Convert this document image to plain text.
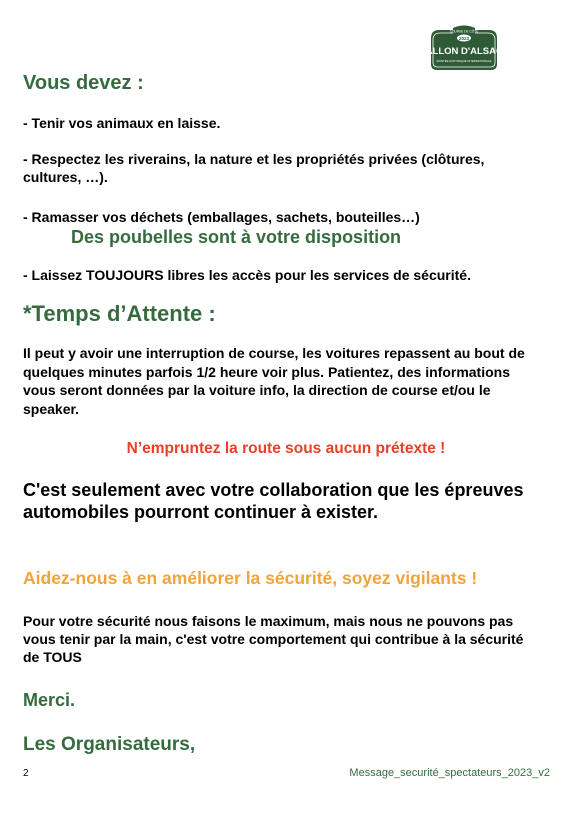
COURSE DE CÔTE
2023
BALLON D'ALSACE
MONTÉE HISTORIQUE INTERNATIONALE

Vous devez :

- Tenir vos animaux en laisse.

- Respectez les riverains, la nature et les propriétés privées (clôtures, cultures, …).

- Ramasser vos déchets (emballages, sachets, bouteilles…)

Des poubelles sont à votre disposition

- Laissez TOUJOURS libres les accès pour les services de sécurité.

*Temps d’Attente :

Il peut y avoir une interruption de course, les voitures repassent au bout de quelques minutes parfois 1/2 heure voir plus. Patientez, des informations vous seront données par la voiture info, la direction de course et/ou le speaker.

N’empruntez la route sous aucun prétexte !

C'est seulement avec votre collaboration que les épreuves automobiles pourront continuer à exister.

Aidez-nous à en améliorer la sécurité, soyez vigilants !

Pour votre sécurité nous faisons le maximum, mais nous ne pouvons pas vous tenir par la main, c'est votre comportement qui contribue à la sécurité de TOUS

Merci.

Les Organisateurs,

2	Message_securité_spectateurs_2023_v2
